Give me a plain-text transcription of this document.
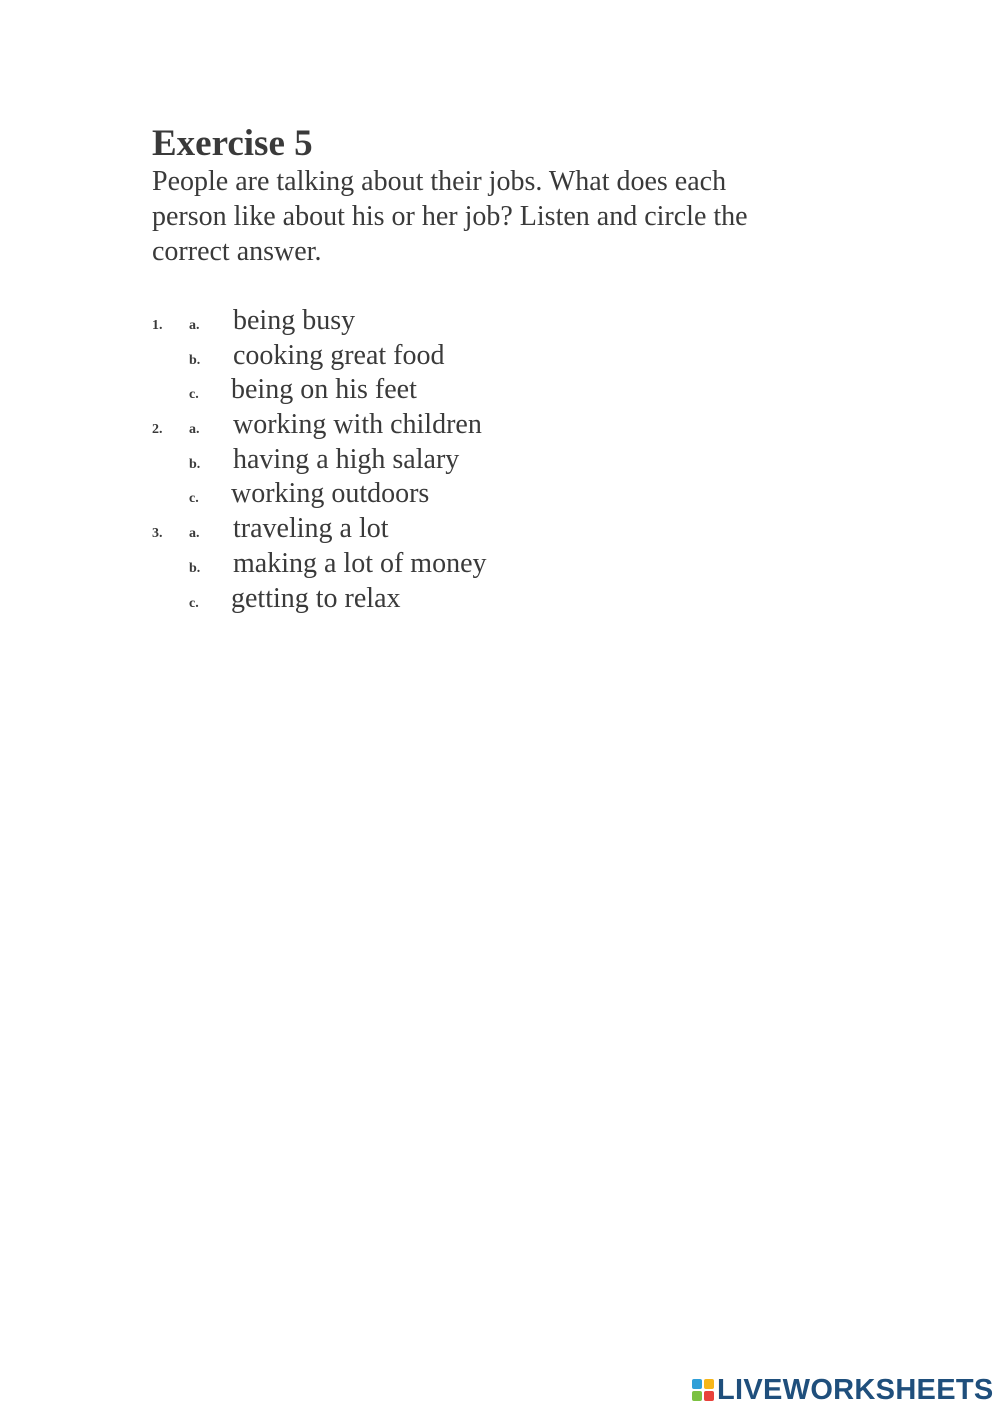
Exercise 5
People are talking about their jobs. What does each
person like about his or her job? Listen and circle the
correct answer.
1. a. being busy
b. cooking great food
c. being on his feet
2. a. working with children
b. having a high salary
c. working outdoors
3. a. traveling a lot
b. making a lot of money
c. getting to relax
LIVEWORKSHEETS
